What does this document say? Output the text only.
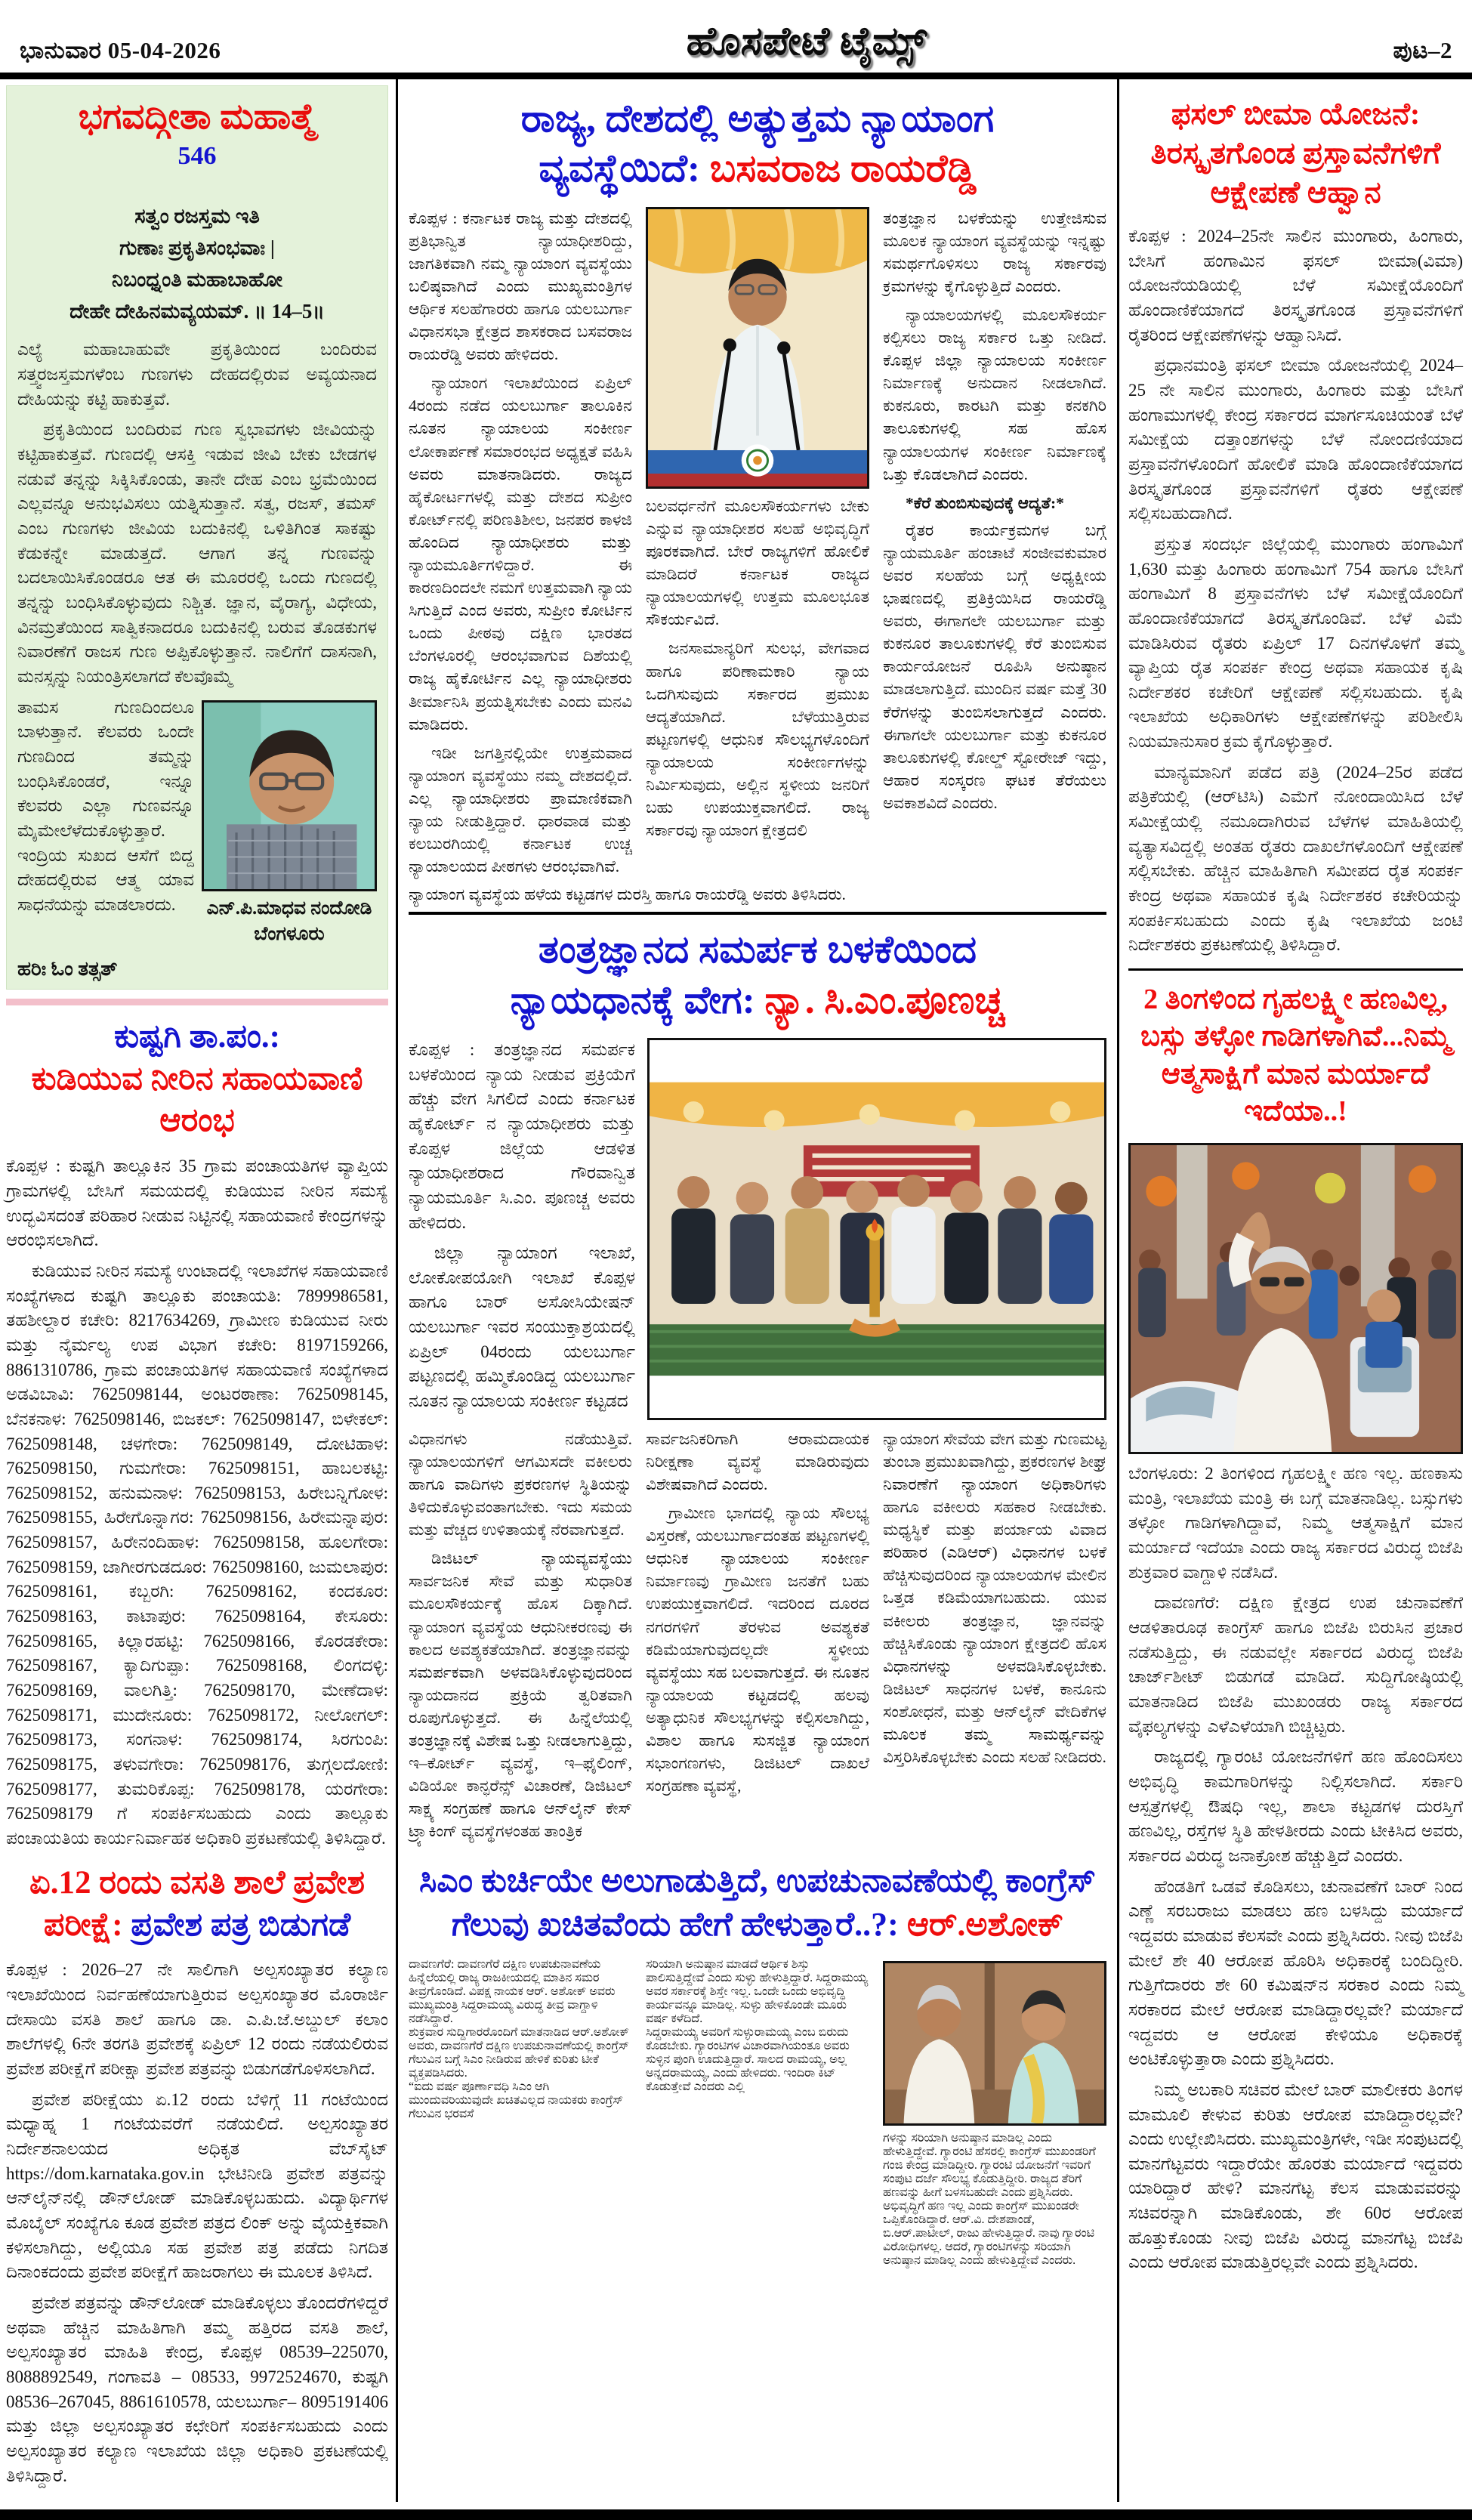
ಭಾನುವಾರ 05-04-2026	ಹೊಸಪೇಟೆ ಟೈಮ್ಸ್	ಪುಟ–2
ಭಗವದ್ಗೀತಾ ಮಹಾತ್ಮೆ
546
ಸತ್ವಂ ರಜಸ್ತಮ ಇತಿ
ಗುಣಾಃ ಪ್ರಕೃತಿಸಂಭವಾಃ |
ನಿಬಂಧ್ನಂತಿ ಮಹಾಬಾಹೋ
ದೇಹೇ ದೇಹಿನಮವ್ಯಯಮ್. ॥ 14–5॥

ಎಲ್ಯೆ ಮಹಾಬಾಹುವೇ ಪ್ರಕೃತಿಯಿಂದ ಬಂದಿರುವ ಸತ್ತ್ವರಜಸ್ತಮಗಳೆಂಬ ಗುಣಗಳು ದೇಹದಲ್ಲಿರುವ ಅವ್ಯಯನಾದ ದೇಹಿಯನ್ನು ಕಟ್ಟಿ ಹಾಕುತ್ತವೆ.

ಪ್ರಕೃತಿಯಿಂದ ಬಂದಿರುವ ಗುಣ ಸ್ವಭಾವಗಳು ಜೀವಿಯನ್ನು ಕಟ್ಟಿಹಾಕುತ್ತವೆ. ಗುಣದಲ್ಲಿ ಆಸಕ್ತಿ ಇಡುವ ಜೀವಿ ಬೇಕು ಬೇಡಗಳ ನಡುವೆ ತನ್ನನ್ನು ಸಿಕ್ಕಿಸಿಕೊಂಡು, ತಾನೇ ದೇಹ ಎಂಬ ಭ್ರಮೆಯಿಂದ ಎಲ್ಲವನ್ನೂ ಅನುಭವಿಸಲು ಯತ್ನಿಸುತ್ತಾನೆ. ಸತ್ವ, ರಜಸ್, ತಮಸ್ ಎಂಬ ಗುಣಗಳು ಜೀವಿಯ ಬದುಕಿನಲ್ಲಿ ಒಳಿತಿಗಿಂತ ಸಾಕಷ್ಟು ಕೆಡುಕನ್ನೇ ಮಾಡುತ್ತದೆ. ಆಗಾಗ ತನ್ನ ಗುಣವನ್ನು ಬದಲಾಯಿಸಿಕೊಂಡರೂ ಆತ ಈ ಮೂರರಲ್ಲಿ ಒಂದು ಗುಣದಲ್ಲಿ ತನ್ನನ್ನು ಬಂಧಿಸಿಕೊಳ್ಳುವುದು ನಿಶ್ಚಿತ. ಜ್ಞಾನ, ವೈರಾಗ್ಯ, ವಿಧೇಯ, ವಿನಮ್ರತೆಯಿಂದ ಸಾತ್ವಿಕನಾದರೂ ಬದುಕಿನಲ್ಲಿ ಬರುವ ತೊಡಕುಗಳ ನಿವಾರಣೆಗೆ ರಾಜಸ ಗುಣ ಅಪ್ಪಿಕೊಳ್ಳುತ್ತಾನೆ. ನಾಲಿಗೆಗೆ ದಾಸನಾಗಿ, ಮನಸ್ಸನ್ನು ನಿಯಂತ್ರಿಸಲಾಗದೆ ಕೆಲವೊಮ್ಮೆ

ಎನ್.ಪಿ.ಮಾಧವ ನಂದೋಡಿ
ಬೆಂಗಳೂರು

ತಾಮಸ ಗುಣದಿಂದಲೂ ಬಾಳುತ್ತಾನೆ. ಕೆಲವರು ಒಂದೇ ಗುಣದಿಂದ ತಮ್ಮನ್ನು ಬಂಧಿಸಿಕೊಂಡರೆ, ಇನ್ನೂ ಕೆಲವರು ಎಲ್ಲಾ ಗುಣವನ್ನೂ ಮೈಮೇಲೆಳೆದುಕೊಳ್ಳುತ್ತಾರೆ. ಇಂದ್ರಿಯ ಸುಖದ ಆಸೆಗೆ ಬಿದ್ದ ದೇಹದಲ್ಲಿರುವ ಆತ್ಮ ಯಾವ ಸಾಧನೆಯನ್ನು ಮಾಡಲಾರದು.

ಹರಿಃ ಓಂ ತತ್ಸತ್
ಕುಷ್ಟಗಿ ತಾ.ಪಂ.:
ಕುಡಿಯುವ ನೀರಿನ ಸಹಾಯವಾಣಿ ಆರಂಭ

ಕೊಪ್ಪಳ : ಕುಷ್ಟಗಿ ತಾಲ್ಲೂಕಿನ 35 ಗ್ರಾಮ ಪಂಚಾಯತಿಗಳ ವ್ಯಾಪ್ತಿಯ ಗ್ರಾಮಗಳಲ್ಲಿ ಬೇಸಿಗೆ ಸಮಯದಲ್ಲಿ ಕುಡಿಯುವ ನೀರಿನ ಸಮಸ್ಯೆ ಉದ್ಭವಿಸದಂತೆ ಪರಿಹಾರ ನೀಡುವ ನಿಟ್ಟಿನಲ್ಲಿ ಸಹಾಯವಾಣಿ ಕೇಂದ್ರಗಳನ್ನು ಆರಂಭಿಸಲಾಗಿದೆ.

ಕುಡಿಯುವ ನೀರಿನ ಸಮಸ್ಯೆ ಉಂಟಾದಲ್ಲಿ ಇಲಾಖೆಗಳ ಸಹಾಯವಾಣಿ ಸಂಖ್ಯೆಗಳಾದ ಕುಷ್ಟಗಿ ತಾಲ್ಲೂಕು ಪಂಚಾಯತಿ: 7899986581, ತಹಶೀಲ್ದಾರ ಕಚೇರಿ: 8217634269, ಗ್ರಾಮೀಣ ಕುಡಿಯುವ ನೀರು ಮತ್ತು ನೈರ್ಮಲ್ಯ ಉಪ ವಿಭಾಗ ಕಚೇರಿ: 8197159266, 8861310786, ಗ್ರಾಮ ಪಂಚಾಯತಿಗಳ ಸಹಾಯವಾಣಿ ಸಂಖ್ಯೆಗಳಾದ ಅಡವಿಬಾವಿ: 7625098144, ಅಂಟರಠಾಣಾ: 7625098145, ಬೆನಕನಾಳ: 7625098146, ಬಿಜಕಲ್: 7625098147, ಬಿಳೇಕಲ್: 7625098148, ಚಳಗೇರಾ: 7625098149, ದೋಟಿಹಾಳ: 7625098150, ಗುಮಗೇರಾ: 7625098151, ಹಾಬಲಕಟ್ಟಿ: 7625098152, ಹನುಮನಾಳ: 7625098153, ಹಿರೇಬನ್ನಿಗೋಳ: 7625098155, ಹಿರೇಗೊನ್ನಾಗರ: 7625098156, ಹಿರೇಮನ್ನಾಪುರ: 7625098157, ಹಿರೇನಂದಿಹಾಳ: 7625098158, ಹೂಲಗೇರಾ: 7625098159, ಜಾಗೀರಗುಡದೂರ: 7625098160, ಜುಮಲಾಪುರ: 7625098161, ಕಬ್ಬರಗಿ: 7625098162, ಕಂದಕೂರ: 7625098163, ಕಾಟಾಪುರ: 7625098164, ಕೇಸೂರು: 7625098165, ಕಿಲ್ಲಾರಹಟ್ಟಿ: 7625098166, ಕೊರಡಕೇರಾ: 7625098167, ಕ್ಯಾದಿಗುಪ್ಪಾ: 7625098168, ಲಿಂಗದಳ್ಳಿ: 7625098169, ವಾಲಗಿತ್ತಿ: 7625098170, ಮೇಣೆದಾಳ: 7625098171, ಮುದೇನೂರು: 7625098172, ನೀಲೋಗಲ್: 7625098173, ಸಂಗನಾಳ: 7625098174, ಸಿರಗುಂಪಿ: 7625098175, ತಳುವಗೇರಾ: 7625098176, ತುಗ್ಗಲದೋಣಿ: 7625098177, ತುಮರಿಕೊಪ್ಪ: 7625098178, ಯರಗೇರಾ: 7625098179 ಗೆ ಸಂಪರ್ಕಿಸಬಹುದು ಎಂದು ತಾಲ್ಲೂಕು ಪಂಚಾಯತಿಯ ಕಾರ್ಯನಿರ್ವಾಹಕ ಅಧಿಕಾರಿ ಪ್ರಕಟಣೆಯಲ್ಲಿ ತಿಳಿಸಿದ್ದಾರೆ.

ಏ.12 ರಂದು ವಸತಿ ಶಾಲೆ ಪ್ರವೇಶ ಪರೀಕ್ಷೆ: ಪ್ರವೇಶ ಪತ್ರ ಬಿಡುಗಡೆ

ಕೊಪ್ಪಳ : 2026–27 ನೇ ಸಾಲಿಗಾಗಿ ಅಲ್ಪಸಂಖ್ಯಾತರ ಕಲ್ಯಾಣ ಇಲಾಖೆಯಿಂದ ನಿರ್ವಹಣೆಯಾಗುತ್ತಿರುವ ಅಲ್ಪಸಂಖ್ಯಾತರ ಮೊರಾರ್ಜಿ ದೇಸಾಯಿ ವಸತಿ ಶಾಲೆ ಹಾಗೂ ಡಾ. ಎ.ಪಿ.ಜೆ.ಅಬ್ದುಲ್ ಕಲಾಂ ಶಾಲೆಗಳಲ್ಲಿ 6ನೇ ತರಗತಿ ಪ್ರವೇಶಕ್ಕೆ ಏಪ್ರಿಲ್ 12 ರಂದು ನಡೆಯಲಿರುವ ಪ್ರವೇಶ ಪರೀಕ್ಷೆಗೆ ಪರೀಕ್ಷಾ ಪ್ರವೇಶ ಪತ್ರವನ್ನು ಬಿಡುಗಡೆಗೊಳಿಸಲಾಗಿದೆ.

ಪ್ರವೇಶ ಪರೀಕ್ಷೆಯು ಏ.12 ರಂದು ಬೆಳಿಗ್ಗೆ 11 ಗಂಟೆಯಿಂದ ಮಧ್ಯಾಹ್ನ 1 ಗಂಟೆಯವರೆಗೆ ನಡೆಯಲಿದೆ. ಅಲ್ಪಸಂಖ್ಯಾತರ ನಿರ್ದೇಶನಾಲಯದ ಅಧಿಕೃತ ವೆಬ್‌ಸೈಟ್ https://dom.karnataka.gov.in ಭೇಟಿನೀಡಿ ಪ್ರವೇಶ ಪತ್ರವನ್ನು ಆನ್‌ಲೈನ್‌ನಲ್ಲಿ ಡೌನ್‌ಲೋಡ್ ಮಾಡಿಕೊಳ್ಳಬಹುದು. ವಿದ್ಯಾರ್ಥಿಗಳ ಮೊಬೈಲ್ ಸಂಖ್ಯೆಗೂ ಕೂಡ ಪ್ರವೇಶ ಪತ್ರದ ಲಿಂಕ್ ಅನ್ನು ವೈಯಕ್ತಿಕವಾಗಿ ಕಳಿಸಲಾಗಿದ್ದು, ಅಲ್ಲಿಯೂ ಸಹ ಪ್ರವೇಶ ಪತ್ರ ಪಡೆದು ನಿಗದಿತ ದಿನಾಂಕದಂದು ಪ್ರವೇಶ ಪರೀಕ್ಷೆಗೆ ಹಾಜರಾಗಲು ಈ ಮೂಲಕ ತಿಳಿಸಿದೆ.

ಪ್ರವೇಶ ಪತ್ರವನ್ನು ಡೌನ್‌ಲೋಡ್ ಮಾಡಿಕೊಳ್ಳಲು ತೊಂದರೆಗಳಿದ್ದರೆ ಅಥವಾ ಹೆಚ್ಚಿನ ಮಾಹಿತಿಗಾಗಿ ತಮ್ಮ ಹತ್ತಿರದ ವಸತಿ ಶಾಲೆ, ಅಲ್ಪಸಂಖ್ಯಾತರ ಮಾಹಿತಿ ಕೇಂದ್ರ, ಕೊಪ್ಪಳ 08539–225070, 8088892549, ಗಂಗಾವತಿ – 08533, 9972524670, ಕುಷ್ಟಗಿ 08536–267045, 8861610578, ಯಲಬುರ್ಗಾ– 8095191406 ಮತ್ತು ಜಿಲ್ಲಾ ಅಲ್ಪಸಂಖ್ಯಾತರ ಕಛೇರಿಗೆ ಸಂಪರ್ಕಿಸಬಹುದು ಎಂದು ಅಲ್ಪಸಂಖ್ಯಾತರ ಕಲ್ಯಾಣ ಇಲಾಖೆಯ ಜಿಲ್ಲಾ ಅಧಿಕಾರಿ ಪ್ರಕಟಣೆಯಲ್ಲಿ ತಿಳಿಸಿದ್ದಾರೆ.

ರಾಜ್ಯ, ದೇಶದಲ್ಲಿ ಅತ್ಯುತ್ತಮ ನ್ಯಾಯಾಂಗ
ವ್ಯವಸ್ಥೆಯಿದೆ: ಬಸವರಾಜ ರಾಯರೆಡ್ಡಿ

ಕೊಪ್ಪಳ : ಕರ್ನಾಟಕ ರಾಜ್ಯ ಮತ್ತು ದೇಶದಲ್ಲಿ ಪ್ರತಿಭಾನ್ವಿತ ನ್ಯಾಯಾಧೀಶರಿದ್ದು, ಜಾಗತಿಕವಾಗಿ ನಮ್ಮ ನ್ಯಾಯಾಂಗ ವ್ಯವಸ್ಥೆಯು ಬಲಿಷ್ಠವಾಗಿದೆ ಎಂದು ಮುಖ್ಯಮಂತ್ರಿಗಳ ಆರ್ಥಿಕ ಸಲಹೆಗಾರರು ಹಾಗೂ ಯಲಬುರ್ಗಾ ವಿಧಾನಸಭಾ ಕ್ಷೇತ್ರದ ಶಾಸಕರಾದ ಬಸವರಾಜ ರಾಯರೆಡ್ಡಿ ಅವರು ಹೇಳಿದರು.

ನ್ಯಾಯಾಂಗ ಇಲಾಖೆಯಿಂದ ಏಪ್ರಿಲ್ 4ರಂದು ನಡೆದ ಯಲಬುರ್ಗಾ ತಾಲೂಕಿನ ನೂತನ ನ್ಯಾಯಾಲಯ ಸಂಕೀರ್ಣ ಲೋಕಾರ್ಪಣೆ ಸಮಾರಂಭದ ಅಧ್ಯಕ್ಷತೆ ವಹಿಸಿ ಅವರು ಮಾತನಾಡಿದರು. ರಾಜ್ಯದ ಹೈಕೋರ್ಟಗಳಲ್ಲಿ ಮತ್ತು ದೇಶದ ಸುಪ್ರೀಂ ಕೋರ್ಟ್‌ನಲ್ಲಿ ಪರಿಣತಿಶೀಲ, ಜನಪರ ಕಾಳಜಿ ಹೊಂದಿದ ನ್ಯಾಯಾಧೀಶರು ಮತ್ತು ನ್ಯಾಯಮೂರ್ತಿಗಳಿದ್ದಾರೆ. ಈ ಕಾರಣದಿಂದಲೇ ನಮಗೆ ಉತ್ತಮವಾಗಿ ನ್ಯಾಯ ಸಿಗುತ್ತಿದೆ ಎಂದ ಅವರು, ಸುಪ್ರೀಂ ಕೋರ್ಟಿನ ಒಂದು ಪೀಠವು ದಕ್ಷಿಣ ಭಾರತದ ಬೆಂಗಳೂರಲ್ಲಿ ಆರಂಭವಾಗುವ ದಿಶೆಯಲ್ಲಿ ರಾಜ್ಯ ಹೈಕೋರ್ಟಿನ ಎಲ್ಲ ನ್ಯಾಯಾಧೀಶರು ತೀರ್ಮಾನಿಸಿ ಪ್ರಯತ್ನಿಸಬೇಕು ಎಂದು ಮನವಿ ಮಾಡಿದರು.

ಇಡೀ ಜಗತ್ತಿನಲ್ಲಿಯೇ ಉತ್ತಮವಾದ ನ್ಯಾಯಾಂಗ ವ್ಯವಸ್ಥೆಯು ನಮ್ಮ ದೇಶದಲ್ಲಿದೆ. ಎಲ್ಲ ನ್ಯಾಯಾಧೀಶರು ಪ್ರಾಮಾಣಿಕವಾಗಿ ನ್ಯಾಯ ನೀಡುತ್ತಿದ್ದಾರೆ. ಧಾರವಾಡ ಮತ್ತು ಕಲಬುರಗಿಯಲ್ಲಿ ಕರ್ನಾಟಕ ಉಚ್ಚ ನ್ಯಾಯಾಲಯದ ಪೀಠಗಳು ಆರಂಭವಾಗಿವೆ.

ಬಲವರ್ಧನೆಗೆ ಮೂಲಸೌಕರ್ಯಗಳು ಬೇಕು ಎನ್ನುವ ನ್ಯಾಯಾಧೀಶರ ಸಲಹೆ ಅಭಿವೃದ್ಧಿಗೆ ಪೂರಕವಾಗಿದೆ. ಬೇರೆ ರಾಜ್ಯಗಳಿಗೆ ಹೋಲಿಕೆ ಮಾಡಿದರೆ ಕರ್ನಾಟಕ ರಾಜ್ಯದ ನ್ಯಾಯಾಲಯಗಳಲ್ಲಿ ಉತ್ತಮ ಮೂಲಭೂತ ಸೌಕರ್ಯವಿದೆ.

ಜನಸಾಮಾನ್ಯರಿಗೆ ಸುಲಭ, ವೇಗವಾದ ಹಾಗೂ ಪರಿಣಾಮಕಾರಿ ನ್ಯಾಯ ಒದಗಿಸುವುದು ಸರ್ಕಾರದ ಪ್ರಮುಖ ಆದ್ಯತೆಯಾಗಿದೆ. ಬೆಳೆಯುತ್ತಿರುವ ಪಟ್ಟಣಗಳಲ್ಲಿ ಆಧುನಿಕ ಸೌಲಭ್ಯಗಳೊಂದಿಗೆ ನ್ಯಾಯಾಲಯ ಸಂಕೀರ್ಣಗಳನ್ನು ನಿರ್ಮಿಸುವುದು, ಅಲ್ಲಿನ ಸ್ಥಳೀಯ ಜನರಿಗೆ ಬಹು ಉಪಯುಕ್ತವಾಗಲಿದೆ. ರಾಜ್ಯ ಸರ್ಕಾರವು ನ್ಯಾಯಾಂಗ ಕ್ಷೇತ್ರದಲಿ

ತಂತ್ರಜ್ಞಾನ ಬಳಕೆಯನ್ನು ಉತ್ತೇಜಿಸುವ ಮೂಲಕ ನ್ಯಾಯಾಂಗ ವ್ಯವಸ್ಥೆಯನ್ನು ಇನ್ನಷ್ಟು ಸಮರ್ಥಗೊಳಿಸಲು ರಾಜ್ಯ ಸರ್ಕಾರವು ಕ್ರಮಗಳನ್ನು ಕೈಗೊಳ್ಳುತ್ತಿದೆ ಎಂದರು.

ನ್ಯಾಯಾಲಯಗಳಲ್ಲಿ ಮೂಲಸೌಕರ್ಯ ಕಲ್ಪಿಸಲು ರಾಜ್ಯ ಸರ್ಕಾರ ಒತ್ತು ನೀಡಿದೆ. ಕೊಪ್ಪಳ ಜಿಲ್ಲಾ ನ್ಯಾಯಾಲಯ ಸಂಕೀರ್ಣ ನಿರ್ಮಾಣಕ್ಕೆ ಅನುದಾನ ನೀಡಲಾಗಿದೆ. ಕುಕನೂರು, ಕಾರಟಗಿ ಮತ್ತು ಕನಕಗಿರಿ ತಾಲೂಕುಗಳಲ್ಲಿ ಸಹ ಹೊಸ ನ್ಯಾಯಾಲಯಗಳ ಸಂಕೀರ್ಣ ನಿರ್ಮಾಣಕ್ಕೆ ಒತ್ತು ಕೊಡಲಾಗಿದೆ ಎಂದರು.

*ಕೆರೆ ತುಂಬಿಸುವುದಕ್ಕೆ ಆದ್ಯತೆ:*

ರೈತರ ಕಾರ್ಯಕ್ರಮಗಳ ಬಗ್ಗೆ ನ್ಯಾಯಮೂರ್ತಿ ಹಂಚಾಟೆ ಸಂಜೀವಕುಮಾರ ಅವರ ಸಲಹೆಯ ಬಗ್ಗೆ ಅಧ್ಯಕ್ಷೀಯ ಭಾಷಣದಲ್ಲಿ ಪ್ರತಿಕ್ರಿಯಿಸಿದ ರಾಯರೆಡ್ಡಿ ಅವರು, ಈಗಾಗಲೇ ಯಲಬುರ್ಗಾ ಮತ್ತು ಕುಕನೂರ ತಾಲೂಕುಗಳಲ್ಲಿ ಕೆರೆ ತುಂಬಿಸುವ ಕಾರ್ಯಯೋಜನೆ ರೂಪಿಸಿ ಅನುಷ್ಠಾನ ಮಾಡಲಾಗುತ್ತಿದೆ. ಮುಂದಿನ ವರ್ಷ ಮತ್ತೆ 30 ಕೆರೆಗಳನ್ನು ತುಂಬಿಸಲಾಗುತ್ತದೆ ಎಂದರು. ಈಗಾಗಲೇ ಯಲಬುರ್ಗಾ ಮತ್ತು ಕುಕನೂರ ತಾಲೂಕುಗಳಲ್ಲಿ ಕೋಲ್ಡ್ ಸ್ಟೋರೇಜ್ ಇದ್ದು, ಆಹಾರ ಸಂಸ್ಕರಣ ಘಟಕ ತೆರೆಯಲು ಅವಕಾಶವಿದೆ ಎಂದರು.

ನ್ಯಾಯಾಂಗ ವ್ಯವಸ್ಥೆಯ ಹಳೆಯ ಕಟ್ಟಡಗಳ ದುರಸ್ತಿ ಹಾಗೂ ರಾಯರೆಡ್ಡಿ ಅವರು ತಿಳಿಸಿದರು.
ತಂತ್ರಜ್ಞಾನದ ಸಮರ್ಪಕ ಬಳಕೆಯಿಂದ
ನ್ಯಾಯಧಾನಕ್ಕೆ ವೇಗ: ನ್ಯಾ. ಸಿ.ಎಂ.ಪೂಣಚ್ಚ

ಕೊಪ್ಪಳ : ತಂತ್ರಜ್ಞಾನದ ಸಮರ್ಪಕ ಬಳಕೆಯಿಂದ ನ್ಯಾಯ ನೀಡುವ ಪ್ರಕ್ರಿಯೆಗೆ ಹೆಚ್ಚು ವೇಗ ಸಿಗಲಿದೆ ಎಂದು ಕರ್ನಾಟಕ ಹೈಕೋರ್ಟ್‌ ನ ನ್ಯಾಯಾಧೀಶರು ಮತ್ತು ಕೊಪ್ಪಳ ಜಿಲ್ಲೆಯ ಆಡಳಿತ ನ್ಯಾಯಾಧೀಶರಾದ ಗೌರವಾನ್ವಿತ ನ್ಯಾಯಮೂರ್ತಿ ಸಿ.ಎಂ. ಪೂಣಚ್ಚ ಅವರು ಹೇಳಿದರು.

ಜಿಲ್ಲಾ ನ್ಯಾಯಾಂಗ ಇಲಾಖೆ, ಲೋಕೋಪಯೋಗಿ ಇಲಾಖೆ ಕೊಪ್ಪಳ ಹಾಗೂ ಬಾರ್ ಅಸೋಸಿಯೇಷನ್ ಯಲಬುರ್ಗಾ ಇವರ ಸಂಯುಕ್ತಾಶ್ರಯದಲ್ಲಿ ಏಪ್ರಿಲ್ 04ರಂದು ಯಲಬುರ್ಗಾ ಪಟ್ಟಣದಲ್ಲಿ ಹಮ್ಮಿಕೊಂಡಿದ್ದ ಯಲಬುರ್ಗಾ ನೂತನ ನ್ಯಾಯಾಲಯ ಸಂಕೀರ್ಣ ಕಟ್ಟಡದ

ವಿಧಾನಗಳು ನಡೆಯುತ್ತಿವೆ. ನ್ಯಾಯಾಲಯಗಳಿಗೆ ಆಗಮಿಸದೇ ವಕೀಲರು ಹಾಗೂ ವಾದಿಗಳು ಪ್ರಕರಣಗಳ ಸ್ಥಿತಿಯನ್ನು ತಿಳಿದುಕೊಳ್ಳುವಂತಾಗಬೇಕು. ಇದು ಸಮಯ ಮತ್ತು ವೆಚ್ಚದ ಉಳಿತಾಯಕ್ಕೆ ನೆರವಾಗುತ್ತದೆ.

ಡಿಜಿಟಲ್ ನ್ಯಾಯವ್ಯವಸ್ಥೆಯು ಸಾರ್ವಜನಿಕ ಸೇವೆ ಮತ್ತು ಸುಧಾರಿತ ಮೂಲಸೌಕರ್ಯಕ್ಕೆ ಹೊಸ ದಿಕ್ಕಾಗಿದೆ. ನ್ಯಾಯಾಂಗ ವ್ಯವಸ್ಥೆಯ ಆಧುನೀಕರಣವು ಈ ಕಾಲದ ಅವಶ್ಯಕತೆಯಾಗಿದೆ. ತಂತ್ರಜ್ಞಾನವನ್ನು ಸಮರ್ಪಕವಾಗಿ ಅಳವಡಿಸಿಕೊಳ್ಳುವುದರಿಂದ ನ್ಯಾಯದಾನದ ಪ್ರಕ್ರಿಯೆ ತ್ವರಿತವಾಗಿ ರೂಪುಗೊಳ್ಳುತ್ತದೆ. ಈ ಹಿನ್ನೆಲೆಯಲ್ಲಿ ತಂತ್ರಜ್ಞಾನಕ್ಕೆ ವಿಶೇಷ ಒತ್ತು ನೀಡಲಾಗುತ್ತಿದ್ದು, ಇ–ಕೋರ್ಟ್ ವ್ಯವಸ್ಥೆ, ಇ–ಫೈಲಿಂಗ್, ವಿಡಿಯೋ ಕಾನ್ಫರೆನ್ಸ್ ವಿಚಾರಣೆ, ಡಿಜಿಟಲ್ ಸಾಕ್ಷ್ಯ ಸಂಗ್ರಹಣೆ ಹಾಗೂ ಆನ್‌ಲೈನ್ ಕೇಸ್ ಟ್ರ್ಯಾಕಿಂಗ್ ವ್ಯವಸ್ಥೆಗಳಂತಹ ತಾಂತ್ರಿಕ

ಸಾರ್ವಜನಿಕರಿಗಾಗಿ ಆರಾಮದಾಯಕ ನಿರೀಕ್ಷಣಾ ವ್ಯವಸ್ಥೆ ಮಾಡಿರುವುದು ವಿಶೇಷವಾಗಿದೆ ಎಂದರು.

ಗ್ರಾಮೀಣ ಭಾಗದಲ್ಲಿ ನ್ಯಾಯ ಸೌಲಭ್ಯ ವಿಸ್ತರಣೆ, ಯಲಬುರ್ಗಾದಂತಹ ಪಟ್ಟಣಗಳಲ್ಲಿ ಆಧುನಿಕ ನ್ಯಾಯಾಲಯ ಸಂಕೀರ್ಣ ನಿರ್ಮಾಣವು ಗ್ರಾಮೀಣ ಜನತೆಗೆ ಬಹು ಉಪಯುಕ್ತವಾಗಲಿದೆ. ಇದರಿಂದ ದೂರದ ನಗರಗಳಿಗೆ ತೆರಳುವ ಅವಶ್ಯಕತೆ ಕಡಿಮೆಯಾಗುವುದಲ್ಲದೇ ಸ್ಥಳೀಯ ವ್ಯವಸ್ಥೆಯು ಸಹ ಬಲವಾಗುತ್ತದೆ. ಈ ನೂತನ ನ್ಯಾಯಾಲಯ ಕಟ್ಟಡದಲ್ಲಿ ಹಲವು ಅತ್ಯಾಧುನಿಕ ಸೌಲಭ್ಯಗಳನ್ನು ಕಲ್ಪಿಸಲಾಗಿದ್ದು, ವಿಶಾಲ ಹಾಗೂ ಸುಸಜ್ಜಿತ ನ್ಯಾಯಾಂಗ ಸಭಾಂಗಣಗಳು, ಡಿಜಿಟಲ್ ದಾಖಲೆ ಸಂಗ್ರಹಣಾ ವ್ಯವಸ್ಥೆ,

ನ್ಯಾಯಾಂಗ ಸೇವೆಯ ವೇಗ ಮತ್ತು ಗುಣಮಟ್ಟ ತುಂಬಾ ಪ್ರಮುಖವಾಗಿದ್ದು, ಪ್ರಕರಣಗಳ ಶೀಘ್ರ ನಿವಾರಣೆಗೆ ನ್ಯಾಯಾಂಗ ಅಧಿಕಾರಿಗಳು ಹಾಗೂ ವಕೀಲರು ಸಹಕಾರ ನೀಡಬೇಕು. ಮಧ್ಯಸ್ಥಿಕೆ ಮತ್ತು ಪರ್ಯಾಯ ವಿವಾದ ಪರಿಹಾರ (ಎಡಿಆರ್) ವಿಧಾನಗಳ ಬಳಕೆ ಹೆಚ್ಚಿಸುವುದರಿಂದ ನ್ಯಾಯಾಲಯಗಳ ಮೇಲಿನ ಒತ್ತಡ ಕಡಿಮೆಯಾಗಬಹುದು. ಯುವ ವಕೀಲರು ತಂತ್ರಜ್ಞಾನ, ಜ್ಞಾನವನ್ನು ಹೆಚ್ಚಿಸಿಕೊಂಡು ನ್ಯಾಯಾಂಗ ಕ್ಷೇತ್ರದಲಿ ಹೊಸ ವಿಧಾನಗಳನ್ನು ಅಳವಡಿಸಿಕೊಳ್ಳಬೇಕು. ಡಿಜಿಟಲ್ ಸಾಧನಗಳ ಬಳಕೆ, ಕಾನೂನು ಸಂಶೋಧನೆ, ಮತ್ತು ಆನ್‌ಲೈನ್ ವೇದಿಕೆಗಳ ಮೂಲಕ ತಮ್ಮ ಸಾಮರ್ಥ್ಯವನ್ನು ವಿಸ್ತರಿಸಿಕೊಳ್ಳಬೇಕು ಎಂದು ಸಲಹೆ ನೀಡಿದರು.

ಸಿಎಂ ಕುರ್ಚಿಯೇ ಅಲುಗಾಡುತ್ತಿದೆ, ಉಪಚುನಾವಣೆಯಲ್ಲಿ ಕಾಂಗ್ರೆಸ್
ಗೆಲುವು ಖಚಿತವೆಂದು ಹೇಗೆ ಹೇಳುತ್ತಾರೆ..?: ಆರ್.ಅಶೋಕ್

ದಾವಣಗೆರೆ: ದಾವಣಗೆರೆ ದಕ್ಷಿಣ ಉಪಚುನಾವಣೆಯ ಹಿನ್ನೆಲೆಯಲ್ಲಿ ರಾಜ್ಯ ರಾಜಕೀಯದಲ್ಲಿ ಮಾತಿನ ಸಮರ ತೀವ್ರಗೊಂಡಿದೆ. ವಿಪಕ್ಷ ನಾಯಕ ಆರ್. ಅಶೋಕ್ ಅವರು ಮುಖ್ಯಮಂತ್ರಿ ಸಿದ್ದರಾಮಯ್ಯ ವಿರುದ್ಧ ತೀವ್ರ ವಾಗ್ದಾಳಿ ನಡೆಸಿದ್ದಾರೆ.

ಶುಕ್ರವಾರ ಸುದ್ದಿಗಾರರೊಂದಿಗೆ ಮಾತನಾಡಿದ ಆರ್.ಅಶೋಕ್ ಅವರು, ದಾವಣಗೆರೆ ದಕ್ಷಿಣ ಉಪಚುನಾವಣೆಯಲ್ಲಿ ಕಾಂಗ್ರೆಸ್ ಗೆಲುವಿನ ಬಗ್ಗೆ ಸಿಎಂ ನೀಡಿರುವ ಹೇಳಿಕೆ ಕುರಿತು ಟೀಕೆ ವ್ಯಕ್ತಪಡಿಸಿದರು.

“ಐದು ವರ್ಷ ಪೂರ್ಣಾವಧಿ ಸಿಎಂ ಆಗಿ ಮುಂದುವರಿಯುವುದೇ ಖಚಿತವಿಲ್ಲದ ನಾಯಕರು ಕಾಂಗ್ರೆಸ್ ಗೆಲುವಿನ ಭರವಸೆ

ಸರಿಯಾಗಿ ಅನುಷ್ಠಾನ ಮಾಡದೆ ಆರ್ಥಿಕ ಶಿಸ್ತು ಪಾಲಿಸುತ್ತಿದ್ದೇವೆ ಎಂದು ಸುಳ್ಳು ಹೇಳುತ್ತಿದ್ದಾರೆ. ಸಿದ್ದರಾಮಯ್ಯ ಅವರ ಸರ್ಕಾರಕ್ಕೆ ಶಿಸ್ತೇ ಇಲ್ಲ. ಒಂದೇ ಒಂದು ಅಭಿವೃದ್ಧಿ ಕಾರ್ಯವನ್ನೂ ಮಾಡಿಲ್ಲ. ಸುಳ್ಳು ಹೇಳಿಕೊಂಡೇ ಮೂರು ವರ್ಷ ಕಳೆದಿದೆ.

ಸಿದ್ದರಾಮಯ್ಯ ಅವರಿಗೆ ಸುಳ್ಳುರಾಮಯ್ಯ ಎಂಬ ಬಿರುದು ಕೊಡಬೇಕು. ಗ್ಯಾರಂಟಿಗಳ ವಿಚಾರವಾಗಿಯಂತೂ ಅವರು ಸುಳ್ಳಿನ ಪುಂಗಿ ಊದುತ್ತಿದ್ದಾರೆ. ಸಾಲದ ರಾಮಯ್ಯ, ಅಲ್ಲ ಅನ್ನದರಾಮಯ್ಯ, ಎಂದು ಹೇಳಿದರು. ಇಂದಿರಾ ಕಿಟ್ ಕೊಡುತ್ತೇವೆ ಎಂದರು ಎಲ್ಲಿ

ಗಳನ್ನು ಸರಿಯಾಗಿ ಅನುಷ್ಠಾನ ಮಾಡಿಲ್ಲ ಎಂದು ಹೇಳುತ್ತಿದ್ದೇವೆ. ಗ್ಯಾರಂಟಿ ಹೆಸರಲ್ಲಿ ಕಾಂಗ್ರೆಸ್ ಮುಖಂಡರಿಗೆ ಗಂಜಿ ಕೇಂದ್ರ ಮಾಡಿದ್ದೀರಿ. ಗ್ಯಾರಂಟಿ ಯೋಜನೆಗೆ ಇವರಿಗೆ ಸಂಪುಟ ದರ್ಜೆ ಸೌಲಭ್ಯ ಕೊಡುತ್ತಿದ್ದೀರಿ. ರಾಜ್ಯದ ತೆರಿಗೆ ಹಣವನ್ನು ಹೀಗೆ ಬಳಸಬಹುದೇ ಎಂದು ಪ್ರಶ್ನಿಸಿದರು.

ಅಭಿವೃದ್ಧಿಗೆ ಹಣ ಇಲ್ಲ ಎಂದು ಕಾಂಗ್ರೆಸ್ ಮುಖಂಡರೇ ಒಪ್ಪಿಕೊಂಡಿದ್ದಾರೆ. ಆರ್.ವಿ. ದೇಶಪಾಂಡೆ, ಬಿ.ಆರ್.ಪಾಟೀಲ್, ರಾಜು ಹೇಳುತ್ತಿದ್ದಾರೆ. ನಾವು ಗ್ಯಾರಂಟಿ ವಿರೋಧಿಗಳಲ್ಲ. ಆದರೆ, ಗ್ಯಾರಂಟಿಗಳನ್ನು ಸರಿಯಾಗಿ ಅನುಷ್ಠಾನ ಮಾಡಿಲ್ಲ ಎಂದು ಹೇಳುತ್ತಿದ್ದೇವೆ ಎಂದರು.

ಫಸಲ್ ಬೀಮಾ ಯೋಜನೆ:
ತಿರಸ್ಕೃತಗೊಂಡ ಪ್ರಸ್ತಾವನೆಗಳಿಗೆ
ಆಕ್ಷೇಪಣೆ ಆಹ್ವಾನ

ಕೊಪ್ಪಳ : 2024–25ನೇ ಸಾಲಿನ ಮುಂಗಾರು, ಹಿಂಗಾರು, ಬೇಸಿಗೆ ಹಂಗಾಮಿನ ಫಸಲ್ ಬೀಮಾ(ವಿಮಾ) ಯೋಜನೆಯಡಿಯಲ್ಲಿ ಬೆಳೆ ಸಮೀಕ್ಷೆಯೊಂದಿಗೆ ಹೊಂದಾಣಿಕೆಯಾಗದೆ ತಿರಸ್ಕೃತಗೊಂಡ ಪ್ರಸ್ತಾವನೆಗಳಿಗೆ ರೈತರಿಂದ ಆಕ್ಷೇಪಣೆಗಳನ್ನು ಆಹ್ವಾನಿಸಿದೆ.

ಪ್ರಧಾನಮಂತ್ರಿ ಫಸಲ್ ಬೀಮಾ ಯೋಜನೆಯಲ್ಲಿ 2024–25 ನೇ ಸಾಲಿನ ಮುಂಗಾರು, ಹಿಂಗಾರು ಮತ್ತು ಬೇಸಿಗೆ ಹಂಗಾಮುಗಳಲ್ಲಿ ಕೇಂದ್ರ ಸರ್ಕಾರದ ಮಾರ್ಗಸೂಚಿಯಂತೆ ಬೆಳೆ ಸಮೀಕ್ಷೆಯ ದತ್ತಾಂಶಗಳನ್ನು ಬೆಳೆ ನೋಂದಣಿಯಾದ ಪ್ರಸ್ತಾವನೆಗಳೊಂದಿಗೆ ಹೋಲಿಕೆ ಮಾಡಿ ಹೊಂದಾಣಿಕೆಯಾಗದ ತಿರಸ್ಕೃತಗೊಂಡ ಪ್ರಸ್ತಾವನೆಗಳಿಗೆ ರೈತರು ಆಕ್ಷೇಪಣೆ ಸಲ್ಲಿಸಬಹುದಾಗಿದೆ.

ಪ್ರಸ್ತುತ ಸಂದರ್ಭ ಜಿಲ್ಲೆಯಲ್ಲಿ ಮುಂಗಾರು ಹಂಗಾಮಿಗೆ 1,630 ಮತ್ತು ಹಿಂಗಾರು ಹಂಗಾಮಿಗೆ 754 ಹಾಗೂ ಬೇಸಿಗೆ ಹಂಗಾಮಿಗೆ 8 ಪ್ರಸ್ತಾವನೆಗಳು ಬೆಳೆ ಸಮೀಕ್ಷೆಯೊಂದಿಗೆ ಹೊಂದಾಣಿಕೆಯಾಗದೆ ತಿರಸ್ಕೃತಗೊಂಡಿವೆ. ಬೆಳೆ ವಿಮೆ ಮಾಡಿಸಿರುವ ರೈತರು ಏಪ್ರಿಲ್ 17 ದಿನಗಳೊಳಗೆ ತಮ್ಮ ವ್ಯಾಪ್ತಿಯ ರೈತ ಸಂಪರ್ಕ ಕೇಂದ್ರ ಅಥವಾ ಸಹಾಯಕ ಕೃಷಿ ನಿರ್ದೇಶಕರ ಕಚೇರಿಗೆ ಆಕ್ಷೇಪಣೆ ಸಲ್ಲಿಸಬಹುದು. ಕೃಷಿ ಇಲಾಖೆಯ ಅಧಿಕಾರಿಗಳು ಆಕ್ಷೇಪಣೆಗಳನ್ನು ಪರಿಶೀಲಿಸಿ ನಿಯಮಾನುಸಾರ ಕ್ರಮ ಕೈಗೊಳ್ಳುತ್ತಾರೆ.

ಮಾನ್ಯಮಾನಿಗೆ ಪಡೆದ ಪತ್ರಿ (2024–25ರ ಪಡೆದ ಪತ್ರಿಕೆಯಲ್ಲಿ (ಆರ್‌ಟಿಸಿ) ಎಮೆಗೆ ನೋಂದಾಯಿಸಿದ ಬೆಳೆ ಸಮೀಕ್ಷೆಯಲ್ಲಿ ನಮೂದಾಗಿರುವ ಬೆಳೆಗಳ ಮಾಹಿತಿಯಲ್ಲಿ ವ್ಯತ್ಯಾಸವಿದ್ದಲ್ಲಿ ಅಂತಹ ರೈತರು ದಾಖಲೆಗಳೊಂದಿಗೆ ಆಕ್ಷೇಪಣೆ ಸಲ್ಲಿಸಬೇಕು. ಹೆಚ್ಚಿನ ಮಾಹಿತಿಗಾಗಿ ಸಮೀಪದ ರೈತ ಸಂಪರ್ಕ ಕೇಂದ್ರ ಅಥವಾ ಸಹಾಯಕ ಕೃಷಿ ನಿರ್ದೇಶಕರ ಕಚೇರಿಯನ್ನು ಸಂಪರ್ಕಿಸಬಹುದು ಎಂದು ಕೃಷಿ ಇಲಾಖೆಯ ಜಂಟಿ ನಿರ್ದೇಶಕರು ಪ್ರಕಟಣೆಯಲ್ಲಿ ತಿಳಿಸಿದ್ದಾರೆ.

2 ತಿಂಗಳಿಂದ ಗೃಹಲಕ್ಷ್ಮೀ ಹಣವಿಲ್ಲ,
ಬಸ್ಸು ತಳ್ಳೋ ಗಾಡಿಗಳಾಗಿವೆ...ನಿಮ್ಮ
ಆತ್ಮಸಾಕ್ಷಿಗೆ ಮಾನ ಮರ್ಯಾದೆ ಇದೆಯಾ..!

ಬೆಂಗಳೂರು: 2 ತಿಂಗಳಿಂದ ಗೃಹಲಕ್ಷ್ಮೀ ಹಣ ಇಲ್ಲ. ಹಣಕಾಸು ಮಂತ್ರಿ, ಇಲಾಖೆಯ ಮಂತ್ರಿ ಈ ಬಗ್ಗೆ ಮಾತನಾಡಿಲ್ಲ. ಬಸ್ಸುಗಳು ತಳ್ಳೋ ಗಾಡಿಗಳಾಗಿದ್ದಾವೆ, ನಿಮ್ಮ ಆತ್ಮಸಾಕ್ಷಿಗೆ ಮಾನ ಮರ್ಯಾದೆ ಇದೆಯಾ ಎಂದು ರಾಜ್ಯ ಸರ್ಕಾರದ ವಿರುದ್ಧ ಬಿಜೆಪಿ ಶುಕ್ರವಾರ ವಾಗ್ದಾಳಿ ನಡೆಸಿದೆ.

ದಾವಣಗೆರೆ: ದಕ್ಷಿಣ ಕ್ಷೇತ್ರದ ಉಪ ಚುನಾವಣೆಗೆ ಆಡಳಿತಾರೂಢ ಕಾಂಗ್ರೆಸ್ ಹಾಗೂ ಬಿಜೆಪಿ ಬಿರುಸಿನ ಪ್ರಚಾರ ನಡೆಸುತ್ತಿದ್ದು, ಈ ನಡುವಲ್ಲೇ ಸರ್ಕಾರದ ವಿರುದ್ಧ ಬಿಜೆಪಿ ಚಾರ್ಜ್‌ಶೀಟ್ ಬಿಡುಗಡೆ ಮಾಡಿದೆ. ಸುದ್ದಿಗೋಷ್ಠಿಯಲ್ಲಿ ಮಾತನಾಡಿದ ಬಿಜೆಪಿ ಮುಖಂಡರು ರಾಜ್ಯ ಸರ್ಕಾರದ ವೈಫಲ್ಯಗಳನ್ನು ಎಳೆಎಳೆಯಾಗಿ ಬಿಚ್ಚಿಟ್ಟರು.

ರಾಜ್ಯದಲ್ಲಿ ಗ್ಯಾರಂಟಿ ಯೋಜನೆಗಳಿಗೆ ಹಣ ಹೊಂದಿಸಲು ಅಭಿವೃದ್ಧಿ ಕಾಮಗಾರಿಗಳನ್ನು ನಿಲ್ಲಿಸಲಾಗಿದೆ. ಸರ್ಕಾರಿ ಆಸ್ಪತ್ರೆಗಳಲ್ಲಿ ಔಷಧಿ ಇಲ್ಲ, ಶಾಲಾ ಕಟ್ಟಡಗಳ ದುರಸ್ತಿಗೆ ಹಣವಿಲ್ಲ, ರಸ್ತೆಗಳ ಸ್ಥಿತಿ ಹೇಳತೀರದು ಎಂದು ಟೀಕಿಸಿದ ಅವರು, ಸರ್ಕಾರದ ವಿರುದ್ಧ ಜನಾಕ್ರೋಶ ಹೆಚ್ಚುತ್ತಿದೆ ಎಂದರು.

ಹೆಂಡತಿಗೆ ಒಡವೆ ಕೊಡಿಸಲು, ಚುನಾವಣೆಗೆ ಬಾರ್ ನಿಂದ ಎಣ್ಣೆ ಸರಬರಾಜು ಮಾಡಲು ಹಣ ಬಳಸಿದ್ದು ಮರ್ಯಾದೆ ಇದ್ದವರು ಮಾಡುವ ಕೆಲಸವೇ ಎಂದು ಪ್ರಶ್ನಿಸಿದರು. ನೀವು ಬಿಜೆಪಿ ಮೇಲೆ ಶೇ 40 ಆರೋಪ ಹೊರಿಸಿ ಅಧಿಕಾರಕ್ಕೆ ಬಂದಿದ್ದೀರಿ. ಗುತ್ತಿಗೆದಾರರು ಶೇ 60 ಕಮಿಷನ್‌ನ ಸರಕಾರ ಎಂದು ನಿಮ್ಮ ಸರಕಾರದ ಮೇಲೆ ಆರೋಪ ಮಾಡಿದ್ದಾರಲ್ಲವೇ? ಮರ್ಯಾದೆ ಇದ್ದವರು ಆ ಆರೋಪ ಕೇಳಿಯೂ ಅಧಿಕಾರಕ್ಕೆ ಅಂಟಿಕೊಳ್ಳುತ್ತಾರಾ ಎಂದು ಪ್ರಶ್ನಿಸಿದರು.

ನಿಮ್ಮ ಅಬಕಾರಿ ಸಚಿವರ ಮೇಲೆ ಬಾರ್ ಮಾಲೀಕರು ತಿಂಗಳ ಮಾಮೂಲಿ ಕೇಳುವ ಕುರಿತು ಆರೋಪ ಮಾಡಿದ್ದಾರಲ್ಲವೇ? ಎಂದು ಉಲ್ಲೇಖಿಸಿದರು. ಮುಖ್ಯಮಂತ್ರಿಗಳೇ, ಇಡೀ ಸಂಪುಟದಲ್ಲಿ ಮಾನಗೆಟ್ಟವರು ಇದ್ದಾರೆಯೇ ಹೊರತು ಮರ್ಯಾದೆ ಇದ್ದವರು ಯಾರಿದ್ದಾರೆ ಹೇಳಿ? ಮಾನಗೆಟ್ಟ ಕೆಲಸ ಮಾಡುವವರನ್ನು ಸಚಿವರನ್ನಾಗಿ ಮಾಡಿಕೊಂಡು, ಶೇ 60ರ ಆರೋಪ ಹೊತ್ತುಕೊಂಡು ನೀವು ಬಿಜೆಪಿ ವಿರುದ್ಧ ಮಾನಗೆಟ್ಟ ಬಿಜೆಪಿ ಎಂದು ಆರೋಪ ಮಾಡುತ್ತಿರಲ್ಲವೇ ಎಂದು ಪ್ರಶ್ನಿಸಿದರು.
